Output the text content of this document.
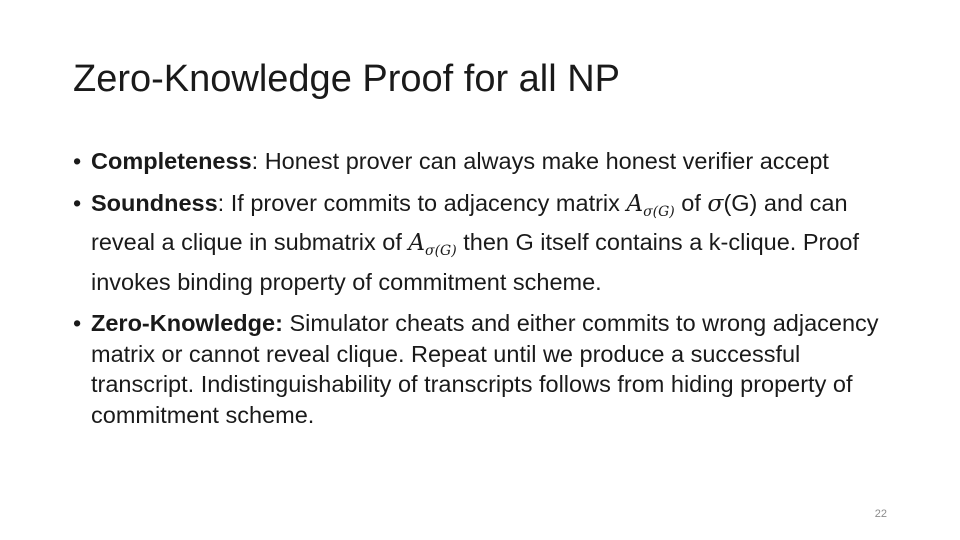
Zero-Knowledge Proof for all NP
• Completeness: Honest prover can always make honest verifier accept
• Soundness: If prover commits to adjacency matrix $A_{\sigma(G)}$ of σ(G) and can reveal a clique in submatrix of $A_{\sigma(G)}$ then G itself contains a k-clique. Proof invokes binding property of commitment scheme.
• Zero-Knowledge: Simulator cheats and either commits to wrong adjacency matrix or cannot reveal clique. Repeat until we produce a successful transcript. Indistinguishability of transcripts follows from hiding property of commitment scheme.
22
